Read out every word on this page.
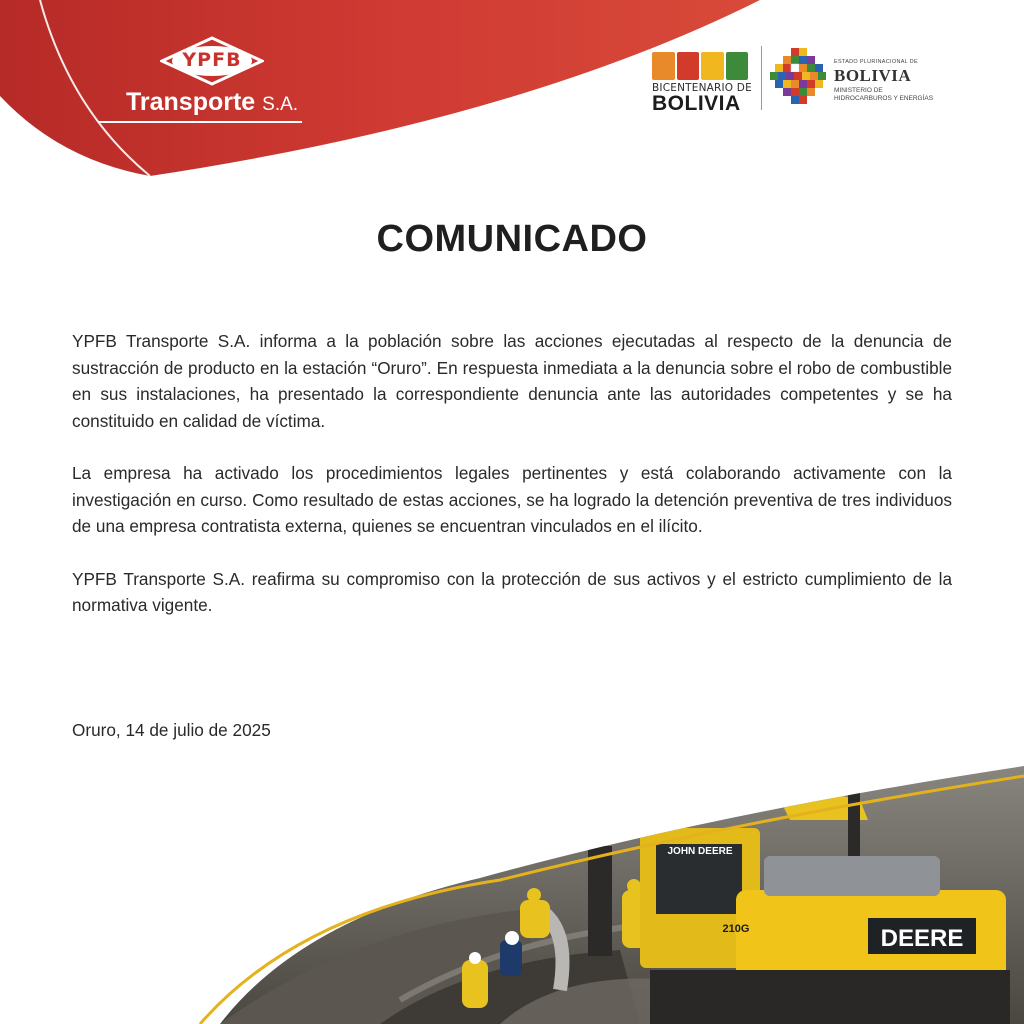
YPFB
Transporte S.A.
BICENTENARIO DE
BOLIVIA
ESTADO PLURINACIONAL DE
BOLIVIA
MINISTERIO DE
HIDROCARBUROS Y ENERGÍAS
COMUNICADO

YPFB Transporte S.A. informa a la población sobre las acciones ejecutadas al respecto de la denuncia de sustracción de producto en la estación “Oruro”. En respuesta inmediata a la denuncia sobre el robo de combustible en sus instalaciones, ha presentado la correspondiente denuncia ante las autoridades competentes y se ha constituido en calidad de víctima.

La empresa ha activado los procedimientos legales pertinentes y está colaborando activamente con la investigación en curso. Como resultado de estas acciones, se ha logrado la detención preventiva de tres individuos de una empresa contratista externa, quienes se encuentran vinculados en el ilícito.

YPFB Transporte S.A. reafirma su compromiso con la protección de sus activos y el estricto cumplimiento de la normativa vigente.

Oruro, 14 de julio de 2025
DEERE
JOHN DEERE
210G
